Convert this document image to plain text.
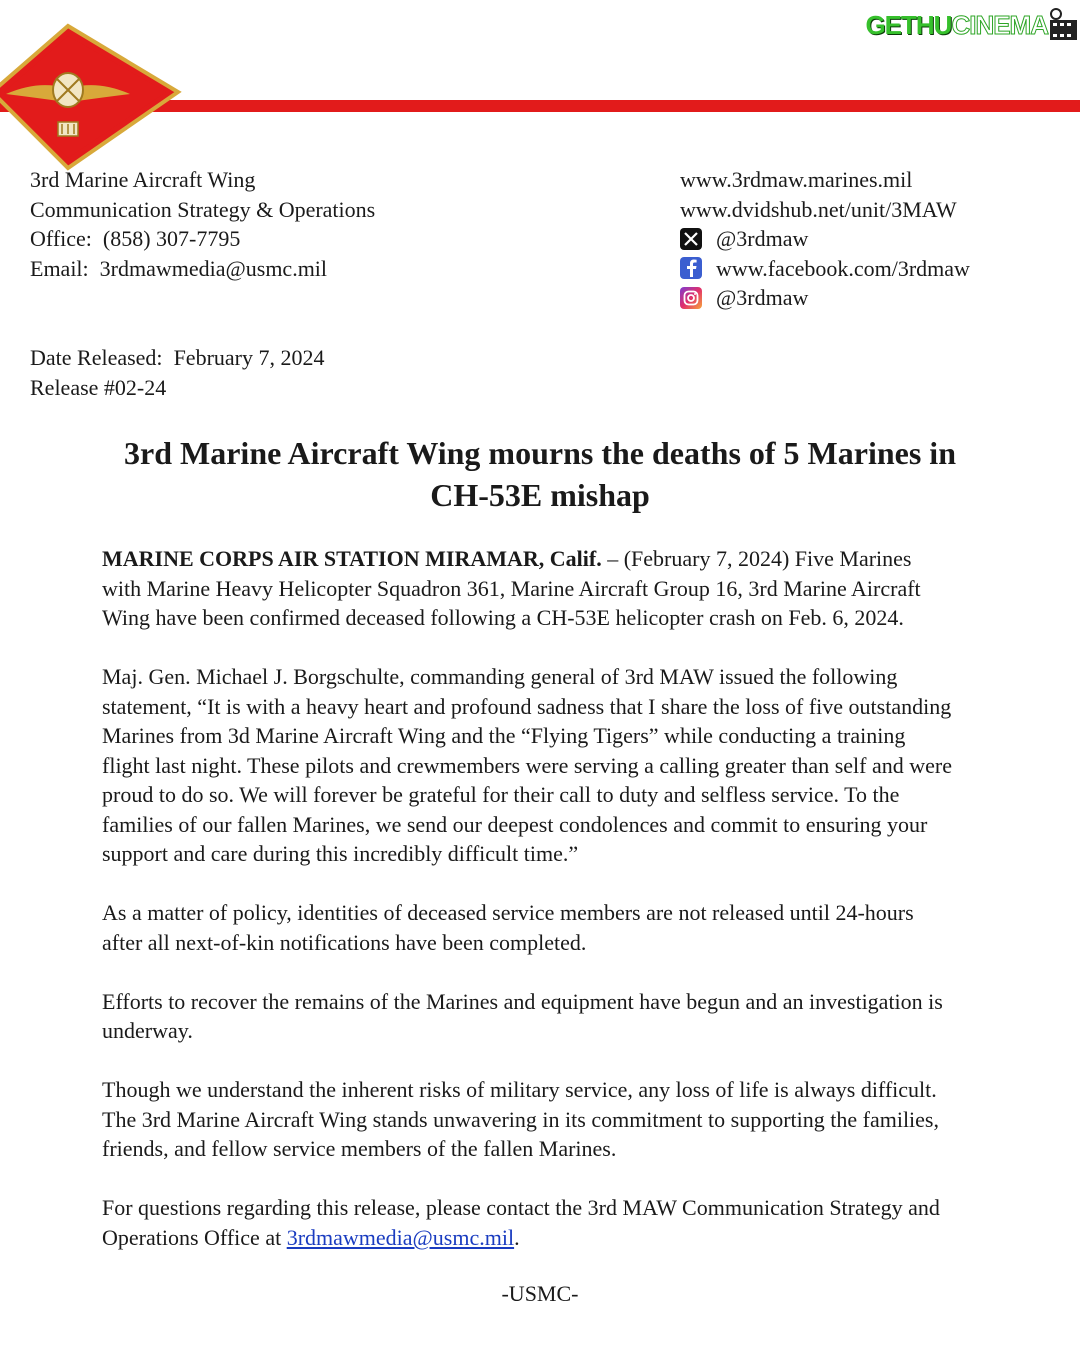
GETHU CINEMA
3rd Marine Aircraft Wing
Communication Strategy & Operations
Office: (858) 307-7795
Email: 3rdmawmedia@usmc.mil
www.3rdmaw.marines.mil
www.dvidshub.net/unit/3MAW
@3rdmaw
www.facebook.com/3rdmaw
@3rdmaw
Date Released: February 7, 2024
Release #02-24
3rd Marine Aircraft Wing mourns the deaths of 5 Marines in
CH-53E mishap
MARINE CORPS AIR STATION MIRAMAR, Calif. – (February 7, 2024) Five Marines
with Marine Heavy Helicopter Squadron 361, Marine Aircraft Group 16, 3rd Marine Aircraft
Wing have been confirmed deceased following a CH-53E helicopter crash on Feb. 6, 2024.
Maj. Gen. Michael J. Borgschulte, commanding general of 3rd MAW issued the following
statement, “It is with a heavy heart and profound sadness that I share the loss of five outstanding
Marines from 3d Marine Aircraft Wing and the “Flying Tigers” while conducting a training
flight last night. These pilots and crewmembers were serving a calling greater than self and were
proud to do so. We will forever be grateful for their call to duty and selfless service. To the
families of our fallen Marines, we send our deepest condolences and commit to ensuring your
support and care during this incredibly difficult time.”
As a matter of policy, identities of deceased service members are not released until 24-hours
after all next-of-kin notifications have been completed.
Efforts to recover the remains of the Marines and equipment have begun and an investigation is
underway.
Though we understand the inherent risks of military service, any loss of life is always difficult.
The 3rd Marine Aircraft Wing stands unwavering in its commitment to supporting the families,
friends, and fellow service members of the fallen Marines.
For questions regarding this release, please contact the 3rd MAW Communication Strategy and
Operations Office at 3rdmawmedia@usmc.mil.
-USMC-
